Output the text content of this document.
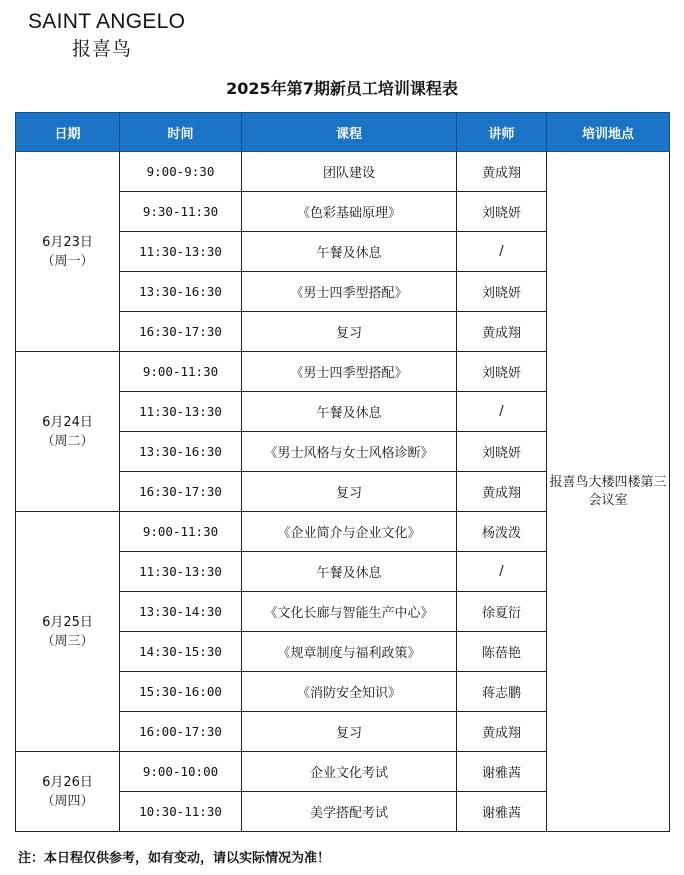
SAINT ANGELO
报喜鸟
2025年第7期新员工培训课程表
日期	时间	课程	讲师	培训地点

6月23日
（周一）	9:00-9:30	团队建设	黄成翔	报喜鸟大楼四楼第三会议室
	9:30-11:30	《色彩基础原理》	刘晓妍	
	11:30-13:30	午餐及休息	/	
	13:30-16:30	《男士四季型搭配》	刘晓妍	
	16:30-17:30	复习	黄成翔	

6月24日
（周二）	9:00-11:30	《男士四季型搭配》	刘晓妍	
	11:30-13:30	午餐及休息	/	
	13:30-16:30	《男士风格与女士风格诊断》	刘晓妍	
	16:30-17:30	复习	黄成翔	

6月25日
（周三）	9:00-11:30	《企业简介与企业文化》	杨泼泼	
	11:30-13:30	午餐及休息	/	
	13:30-14:30	《文化长廊与智能生产中心》	徐夏衍	
	14:30-15:30	《规章制度与福利政策》	陈蓓艳	
	15:30-16:00	《消防安全知识》	蒋志鹏	
	16:00-17:30	复习	黄成翔	

6月26日
（周四）	9:00-10:00	企业文化考试	谢雅茜	
	10:30-11:30	美学搭配考试	谢雅茜	
注：本日程仅供参考，如有变动，请以实际情况为准！
